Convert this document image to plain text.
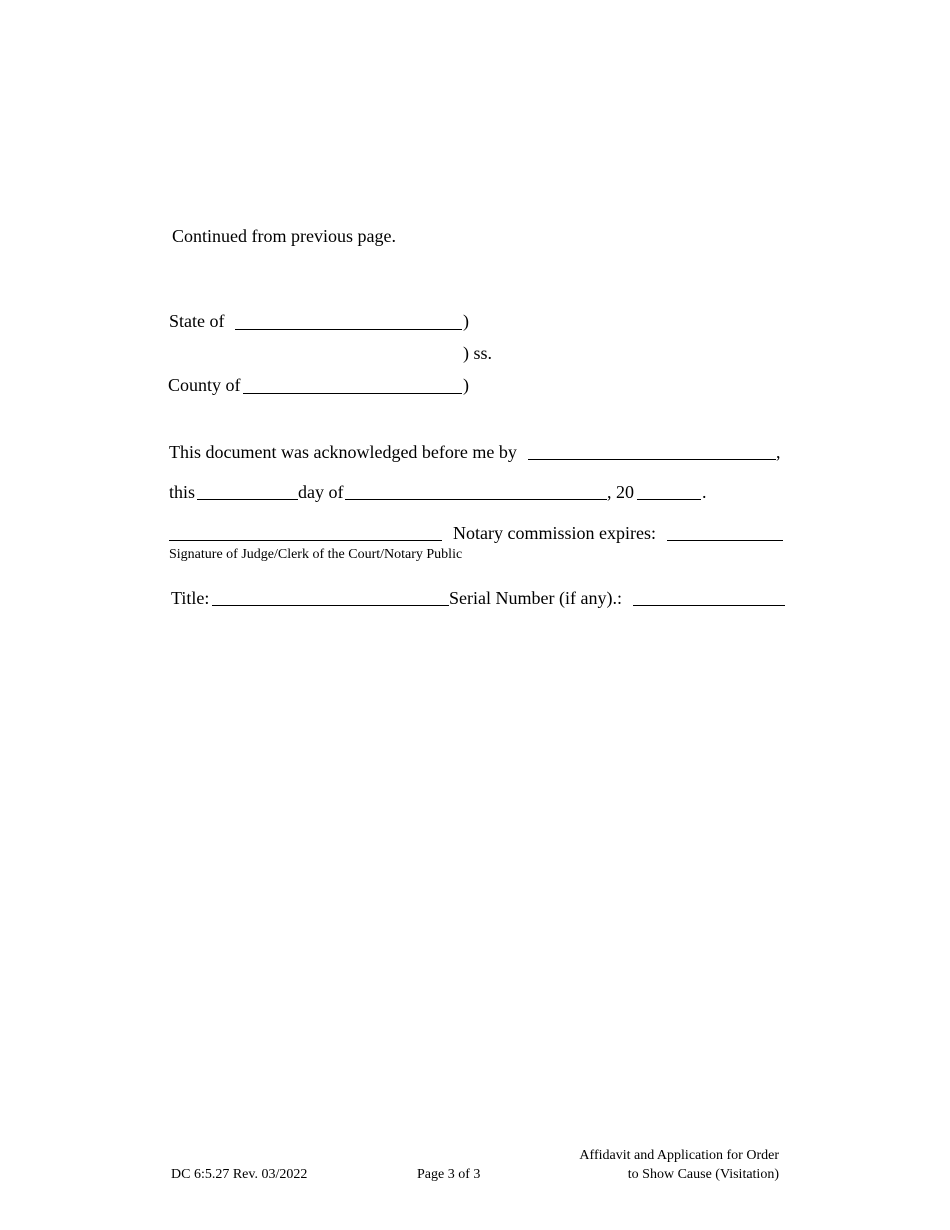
Continued from previous page.
State of	)
) ss.
County of	)
This document was acknowledged before me by	,
this	day of	, 20	.
Notary commission expires:
Signature of Judge/Clerk of the Court/Notary Public
Title:	Serial Number (if any).:
DC 6:5.27 Rev. 03/2022	Page 3 of 3
Affidavit and Application for Order
to Show Cause (Visitation)
